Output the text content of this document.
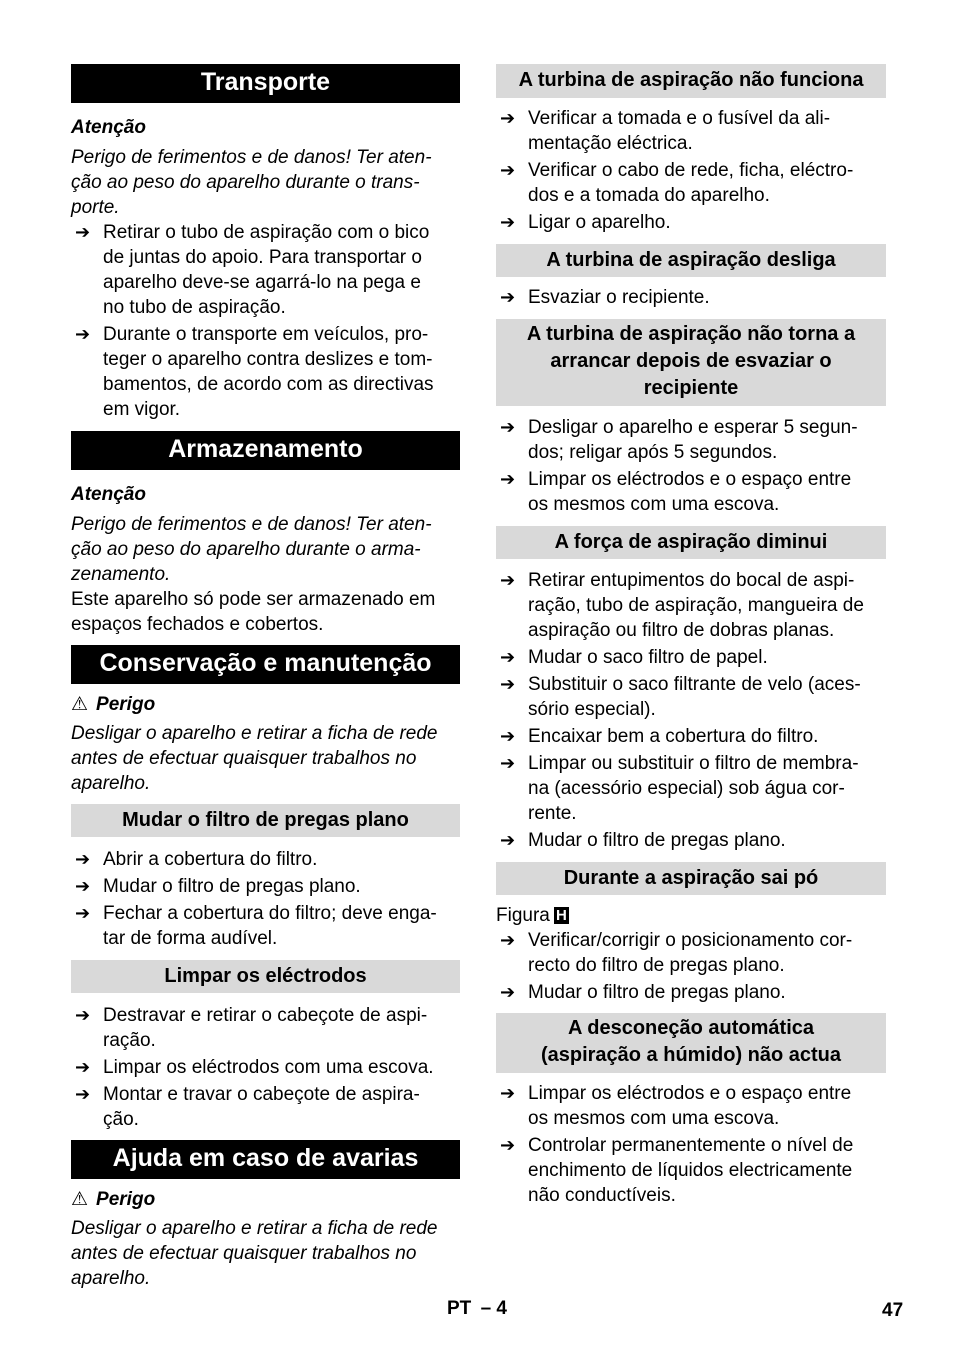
Transporte
Atenção
Perigo de ferimentos e de danos! Ter aten-
ção ao peso do aparelho durante o trans-
porte.
➔ Retirar o tubo de aspiração com o bico
de juntas do apoio. Para transportar o
aparelho deve-se agarrá-lo na pega e
no tubo de aspiração.
➔ Durante o transporte em veículos, pro-
teger o aparelho contra deslizes e tom-
bamentos, de acordo com as directivas
em vigor.
Armazenamento
Atenção
Perigo de ferimentos e de danos! Ter aten-
ção ao peso do aparelho durante o arma-
zenamento.
Este aparelho só pode ser armazenado em
espaços fechados e cobertos.
Conservação e manutenção
⚠ Perigo
Desligar o aparelho e retirar a ficha de rede
antes de efectuar quaisquer trabalhos no
aparelho.
Mudar o filtro de pregas plano
➔ Abrir a cobertura do filtro.
➔ Mudar o filtro de pregas plano.
➔ Fechar a cobertura do filtro; deve enga-
tar de forma audível.
Limpar os eléctrodos
➔ Destravar e retirar o cabeçote de aspi-
ração.
➔ Limpar os eléctrodos com uma escova.
➔ Montar e travar o cabeçote de aspira-
ção.
Ajuda em caso de avarias
⚠ Perigo
Desligar o aparelho e retirar a ficha de rede
antes de efectuar quaisquer trabalhos no
aparelho.
A turbina de aspiração não funciona
➔ Verificar a tomada e o fusível da ali-
mentação eléctrica.
➔ Verificar o cabo de rede, ficha, eléctro-
dos e a tomada do aparelho.
➔ Ligar o aparelho.
A turbina de aspiração desliga
➔ Esvaziar o recipiente.
A turbina de aspiração não torna a
arrancar depois de esvaziar o
recipiente
➔ Desligar o aparelho e esperar 5 segun-
dos; religar após 5 segundos.
➔ Limpar os eléctrodos e o espaço entre
os mesmos com uma escova.
A força de aspiração diminui
➔ Retirar entupimentos do bocal de aspi-
ração, tubo de aspiração, mangueira de
aspiração ou filtro de dobras planas.
➔ Mudar o saco filtro de papel.
➔ Substituir o saco filtrante de velo (aces-
sório especial).
➔ Encaixar bem a cobertura do filtro.
➔ Limpar ou substituir o filtro de membra-
na (acessório especial) sob água cor-
rente.
➔ Mudar o filtro de pregas plano.
Durante a aspiração sai pó
Figura H
➔ Verificar/corrigir o posicionamento cor-
recto do filtro de pregas plano.
➔ Mudar o filtro de pregas plano.
A desconeção automática
(aspiração a húmido) não actua
➔ Limpar os eléctrodos e o espaço entre
os mesmos com uma escova.
➔ Controlar permanentemente o nível de
enchimento de líquidos electricamente
não conductíveis.
PT – 4	47
